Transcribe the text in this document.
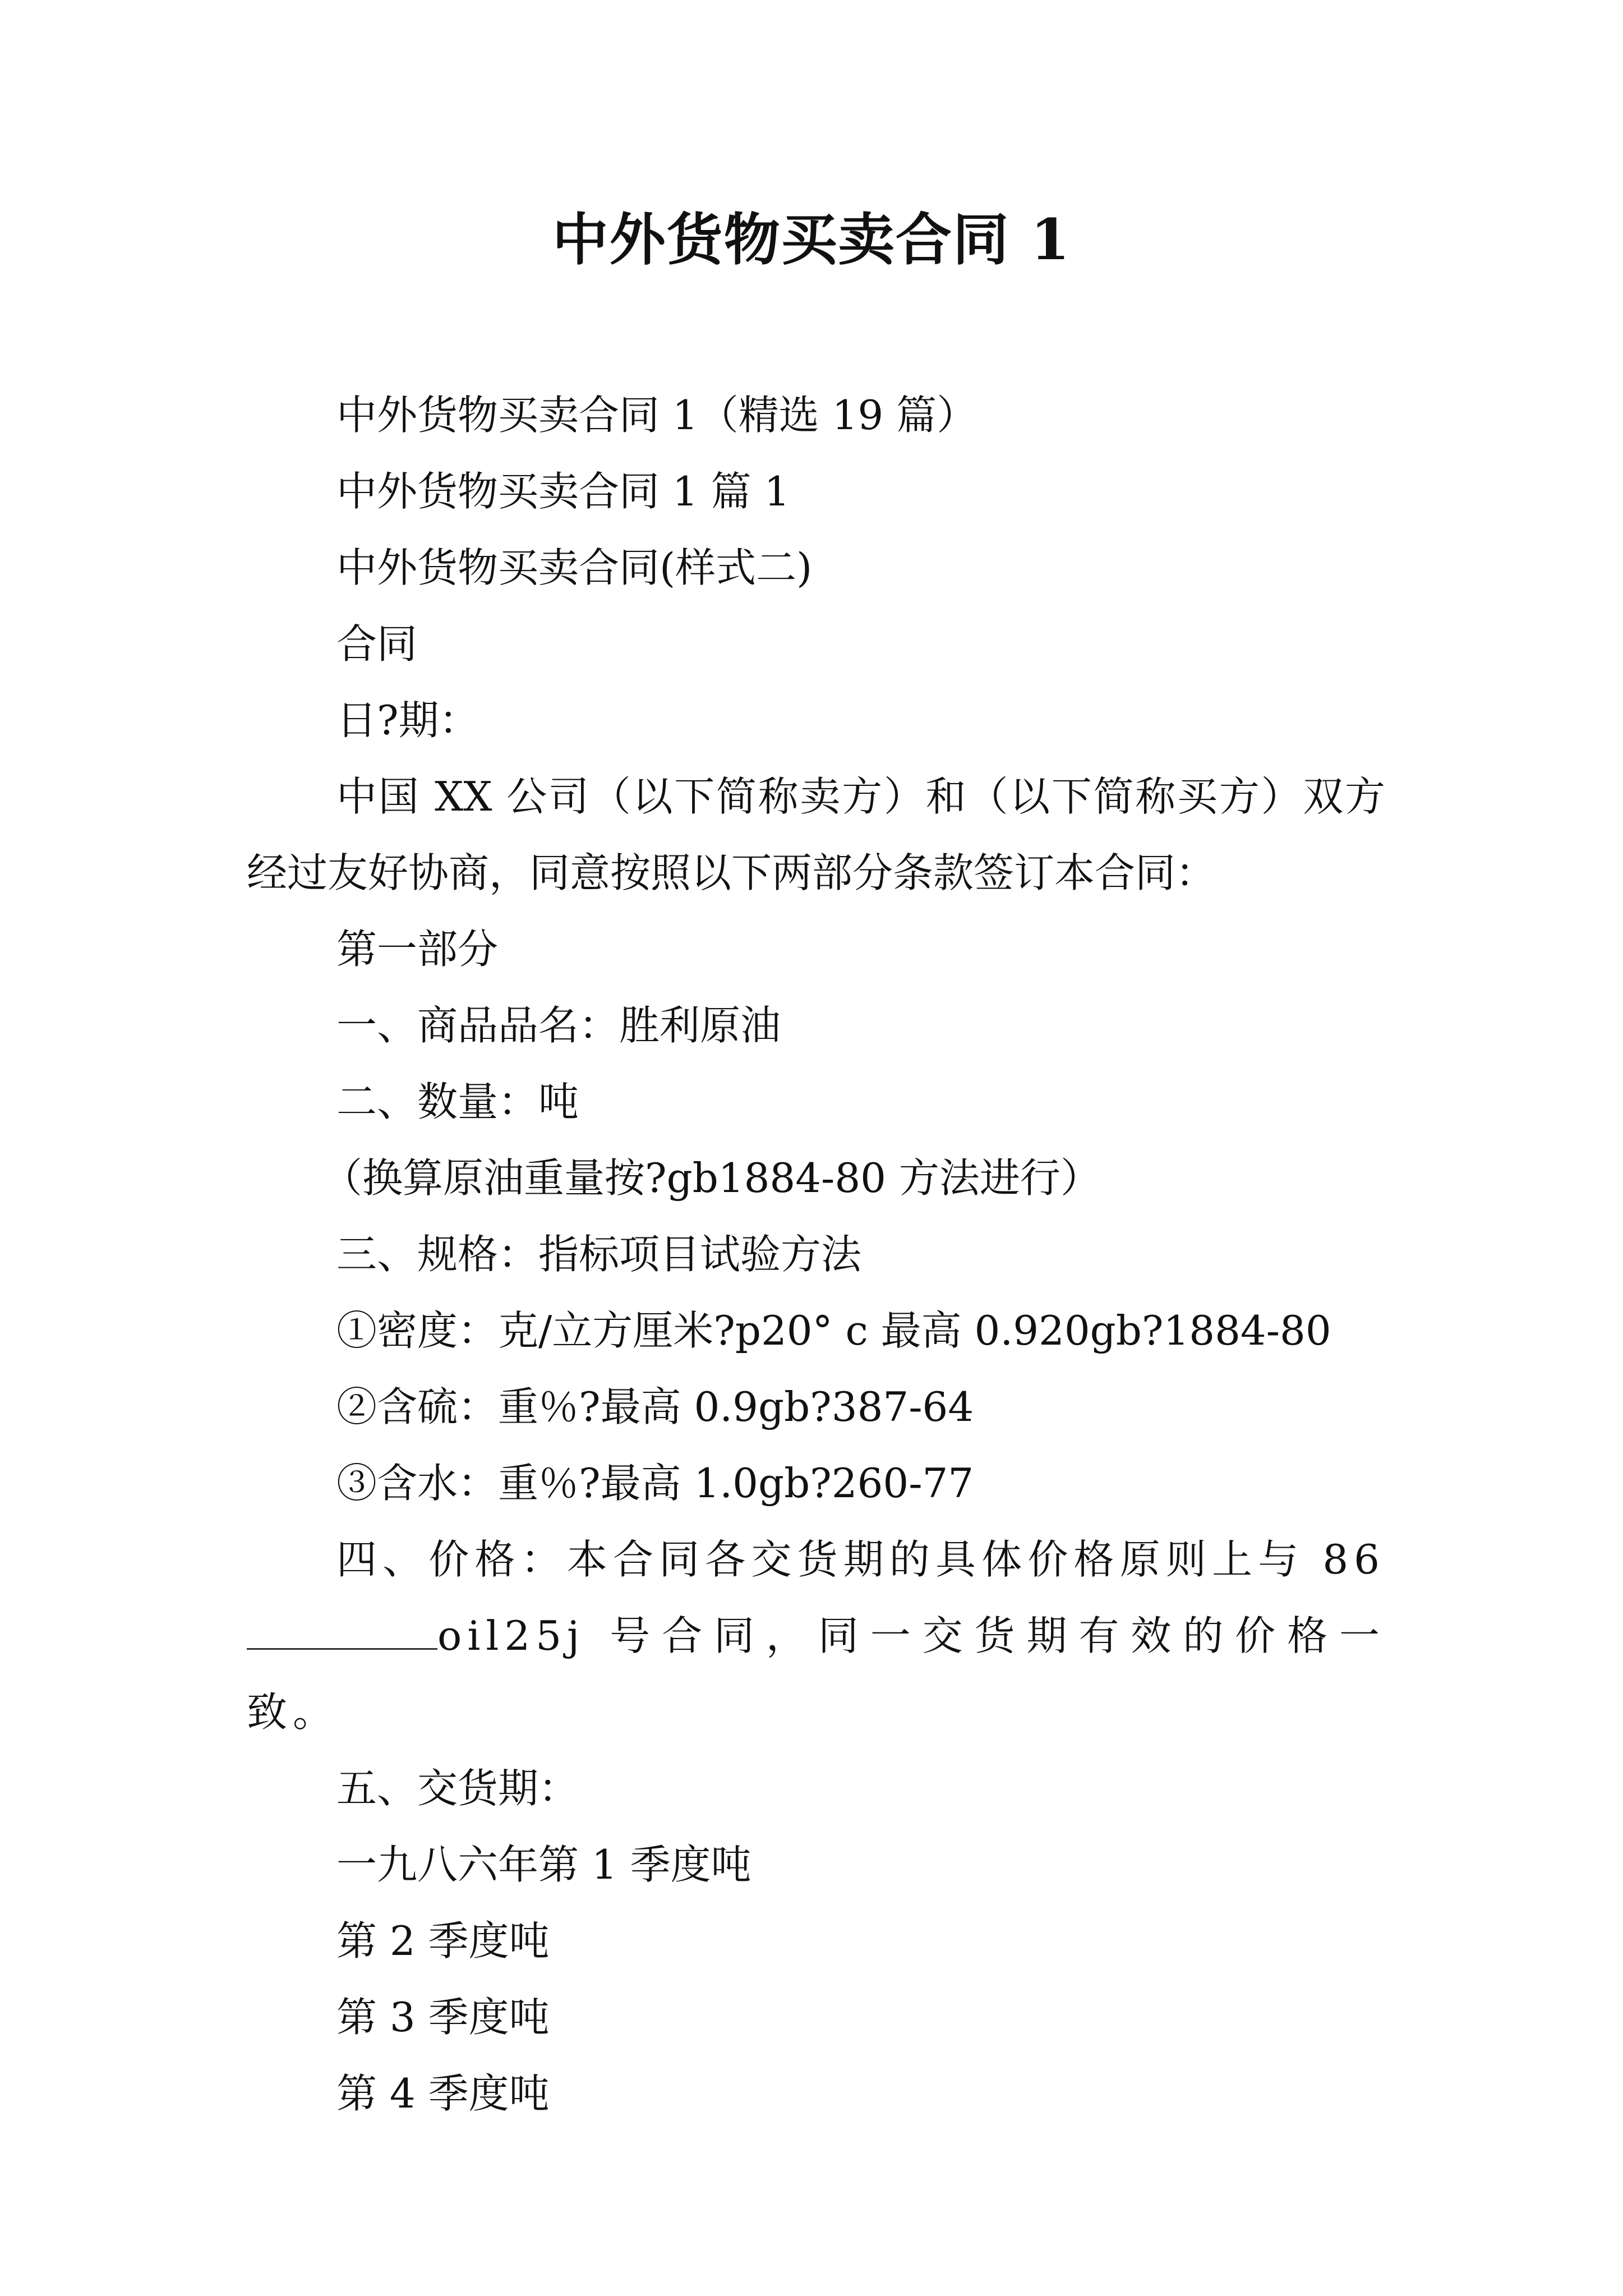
中外货物买卖合同 1

中外货物买卖合同 1（精选 19 篇）

中外货物买卖合同 1 篇 1

中外货物买卖合同(样式二)

合同

日?期：

中国 XX 公司（以下简称卖方）和（以下简称买方）双方经过友好协商，同意按照以下两部分条款签订本合同：

第一部分

一、商品品名：胜利原油

二、数量：吨

（换算原油重量按?gb1884-80 方法进行）

三、规格：指标项目试验方法

①密度：克/立方厘米?p20° c 最高 0.920gb?1884-80

②含硫：重％?最高 0.9gb?387-64

③含水：重％?最高 1.0gb?260-77

四、价格：本合同各交货期的具体价格原则上与 86oil25j 号合同，同一交货期有效的价格一致。

五、交货期：

一九八六年第 1 季度吨

第 2 季度吨

第 3 季度吨

第 4 季度吨
